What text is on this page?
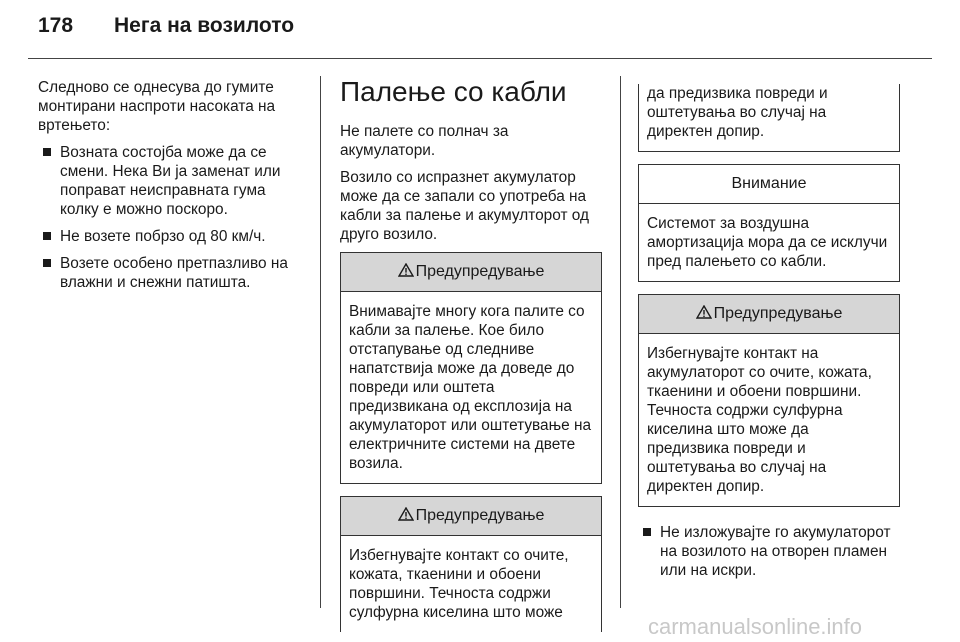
178 Нега на возилото

Следново се однесува до гумите монтирани наспроти насоката на вртењето:

Возната состојба може да се смени. Нека Ви ја заменат или поправат неисправната гума колку е можно поскоро.
Не возете побрзо од 80 км/ч.
Возете особено претпазливо на влажни и снежни патишта.
Палење со кабли

Не палете со полнач за акумулатори.

Возило со испразнет акумулатор може да се запали со употреба на кабли за палење и акумулторот од друго возило.

Предупредување
Внимавајте многу кога палите со кабли за палење. Кое било отстапување од следниве напатствија може да доведе до повреди или оштета предизвикана од експлозија на акумулаторот или оштетување на електричните системи на двете возила.
Предупредување
Избегнувајте контакт со очите, кожата, ткаенини и обоени површини. Течноста содржи сулфурна киселина што може
да предизвика повреди и оштетувања во случај на директен допир.
Внимание
Системот за воздушна амортизација мора да се исклучи пред палењето со кабли.
Предупредување
Избегнувајте контакт на акумулаторот со очите, кожата, ткаенини и обоени површини. Течноста содржи сулфурна киселина што може да предизвика повреди и оштетувања во случај на директен допир.
Не изложувајте го акумулаторот на возилото на отворен пламен или на искри.
carmanualsonline.info
